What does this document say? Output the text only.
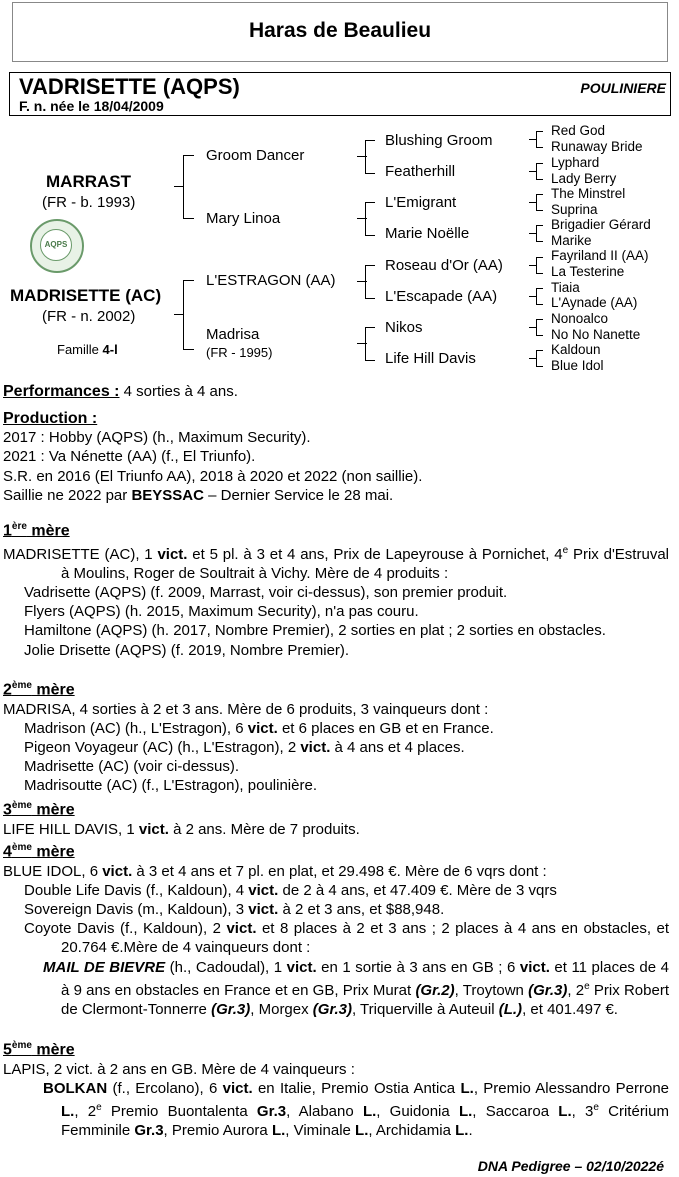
Haras de Beaulieu
VADRISETTE (AQPS)
F. n. née le 18/04/2009
POULINIERE
MARRAST
(FR - b. 1993)
AQPS
MADRISETTE (AC)
(FR - n. 2002)
Famille 4-l
Groom Dancer
Mary Linoa
L'ESTRAGON (AA)
Madrisa
(FR - 1995)
Blushing Groom
Featherhill
L'Emigrant
Marie Noëlle
Roseau d'Or (AA)
L'Escapade (AA)
Nikos
Life Hill Davis
Red God
Runaway Bride
Lyphard
Lady Berry
The Minstrel
Suprina
Brigadier Gérard
Marike
Fayriland II (AA)
La Testerine
Tiaia
L'Aynade (AA)
Nonoalco
No No Nanette
Kaldoun
Blue Idol

Performances : 4 sorties à 4 ans.

Production :

2017 : Hobby (AQPS) (h., Maximum Security).

2021 : Va Nénette (AA) (f., El Triunfo).

S.R. en 2016 (El Triunfo AA), 2018 à 2020 et 2022 (non saillie).

Saillie ne 2022 par BEYSSAC – Dernier Service le 28 mai.

1ère mère

MADRISETTE (AC), 1 vict. et 5 pl. à 3 et 4 ans, Prix de Lapeyrouse à Pornichet, 4e Prix d'Estruval à Moulins, Roger de Soultrait à Vichy. Mère de 4 produits :

Vadrisette (AQPS) (f. 2009, Marrast, voir ci-dessus), son premier produit.

Flyers (AQPS) (h. 2015, Maximum Security), n'a pas couru.

Hamiltone (AQPS) (h. 2017, Nombre Premier), 2 sorties en plat ; 2 sorties en obstacles.

Jolie Drisette (AQPS) (f. 2019, Nombre Premier).

2ème mère

MADRISA, 4 sorties à 2 et 3 ans. Mère de 6 produits, 3 vainqueurs dont :

Madrison (AC) (h., L'Estragon), 6 vict. et 6 places en GB et en France.

Pigeon Voyageur (AC) (h., L'Estragon), 2 vict. à 4 ans et 4 places.

Madrisette (AC) (voir ci-dessus).

Madrisoutte (AC) (f., L'Estragon), poulinière.

3ème mère

LIFE HILL DAVIS, 1 vict. à 2 ans. Mère de 7 produits.

4ème mère

BLUE IDOL, 6 vict. à 3 et 4 ans et 7 pl. en plat, et 29.498 €. Mère de 6 vqrs dont :

Double Life Davis (f., Kaldoun), 4 vict. de 2 à 4 ans, et 47.409 €. Mère de 3 vqrs

Sovereign Davis (m., Kaldoun), 3 vict. à 2 et 3 ans, et $88,948.

Coyote Davis (f., Kaldoun), 2 vict. et 8 places à 2 et 3 ans ; 2 places à 4 ans en obstacles, et 20.764 €.Mère de 4 vainqueurs dont :

MAIL DE BIEVRE (h., Cadoudal), 1 vict. en 1 sortie à 3 ans en GB ; 6 vict. et 11 places de 4 à 9 ans en obstacles en France et en GB, Prix Murat (Gr.2), Troytown (Gr.3), 2e Prix Robert de Clermont-Tonnerre (Gr.3), Morgex (Gr.3), Triquerville à Auteuil (L.), et 401.497 €.

5ème mère

LAPIS, 2 vict. à 2 ans en GB. Mère de 4 vainqueurs :

BOLKAN (f., Ercolano), 6 vict. en Italie, Premio Ostia Antica L., Premio Alessandro Perrone L., 2e Premio Buontalenta Gr.3, Alabano L., Guidonia L., Saccaroa L., 3e Critérium Femminile Gr.3, Premio Aurora L., Viminale L., Archidamia L..

DNA Pedigree – 02/10/2022é
